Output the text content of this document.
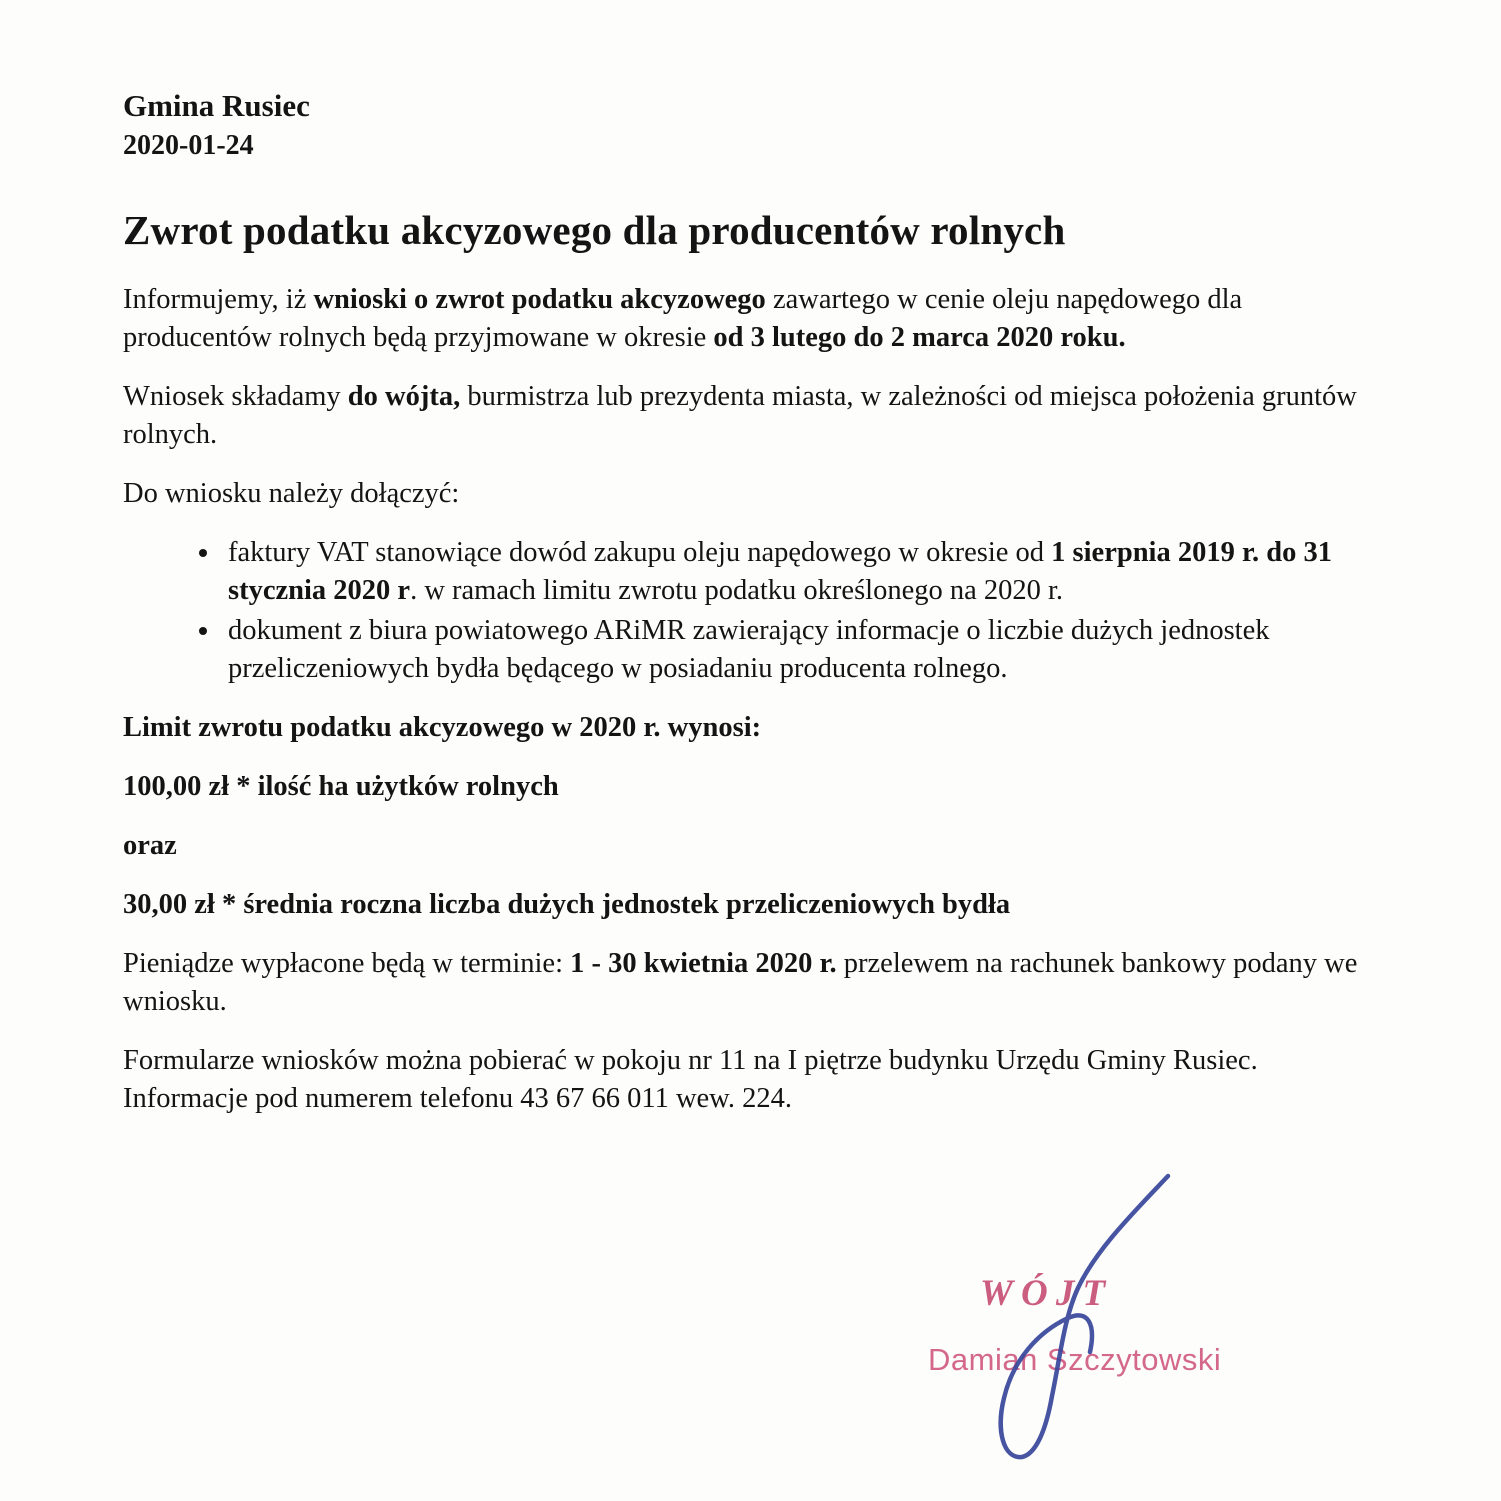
Gmina Rusiec
2020-01-24
Zwrot podatku akcyzowego dla producentów rolnych

Informujemy, iż wnioski o zwrot podatku akcyzowego zawartego w cenie oleju napędowego dla producentów rolnych będą przyjmowane w okresie od 3 lutego do 2 marca 2020 roku.

Wniosek składamy do wójta, burmistrza lub prezydenta miasta, w zależności od miejsca położenia gruntów rolnych.

Do wniosku należy dołączyć:

• faktury VAT stanowiące dowód zakupu oleju napędowego w okresie od 1 sierpnia 2019 r. do 31 stycznia 2020 r. w ramach limitu zwrotu podatku określonego na 2020 r.
• dokument z biura powiatowego ARiMR zawierający informacje o liczbie dużych jednostek przeliczeniowych bydła będącego w posiadaniu producenta rolnego.

Limit zwrotu podatku akcyzowego w 2020 r. wynosi:

100,00 zł * ilość ha użytków rolnych

oraz

30,00 zł * średnia roczna liczba dużych jednostek przeliczeniowych bydła

Pieniądze wypłacone będą w terminie: 1 - 30 kwietnia 2020 r. przelewem na rachunek bankowy podany we wniosku.

Formularze wniosków można pobierać w pokoju nr 11 na I piętrze budynku Urzędu Gminy Rusiec. Informacje pod numerem telefonu 43 67 66 011 wew. 224.

WÓJT
Damian Szczytowski
